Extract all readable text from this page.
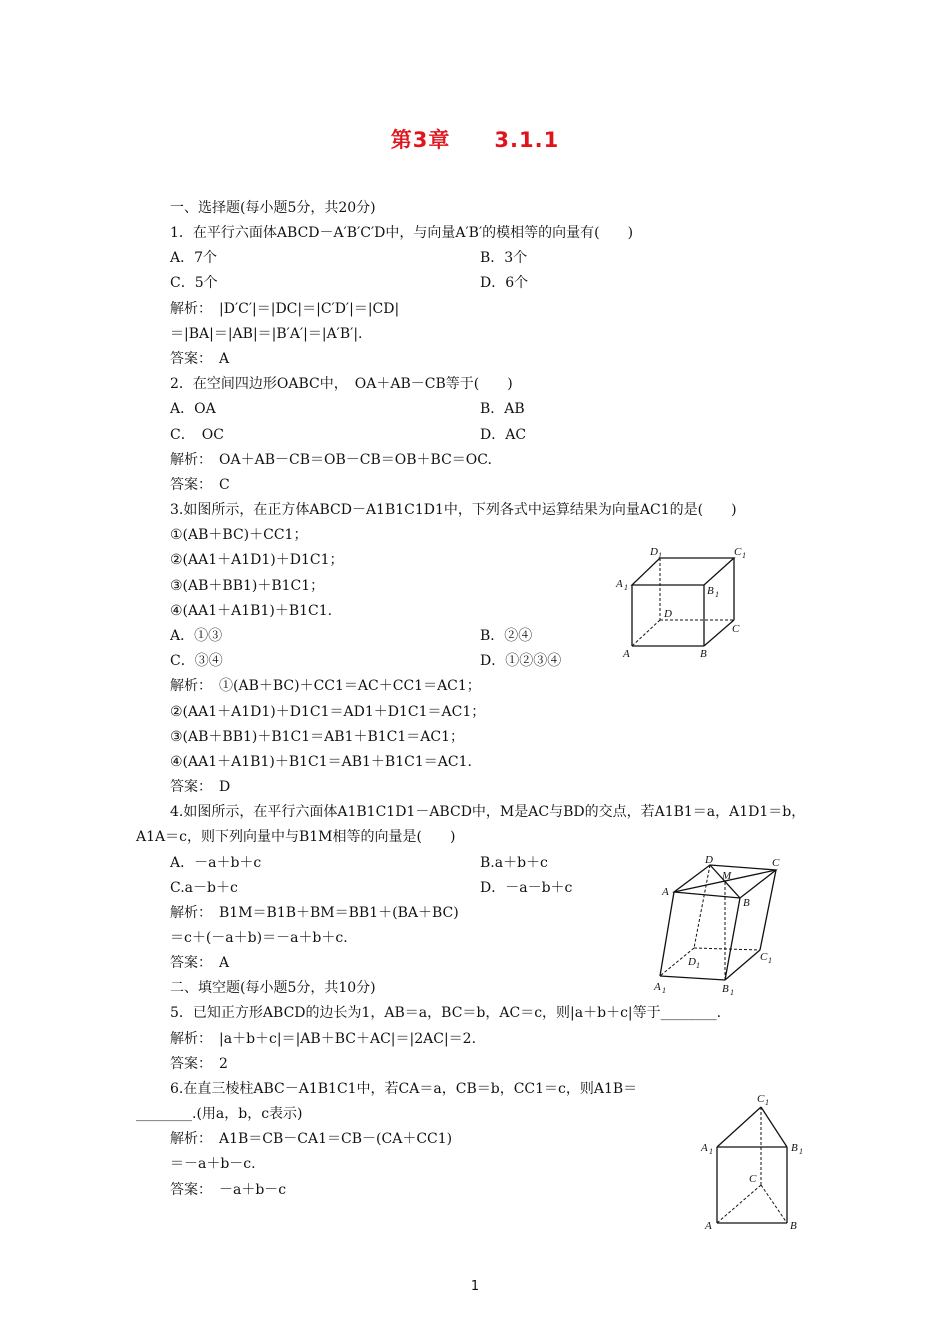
第3章　　3.1.1
一、选择题(每小题5分，共20分)
1．在平行六面体ABCD－A′B′C′D中，与向量A′B′的模相等的向量有(　　)
A．7个	B．3个
C．5个	D．6个
解析：　|D′C′|＝|DC|＝|C′D′|＝|CD|
＝|BA|＝|AB|＝|B′A′|＝|A′B′|.
答案：　A
2．在空间四边形OABC中，　OA＋AB－CB等于(　　)
A．OA	B．AB
C．　OC	D．AC
解析：　OA＋AB－CB＝OB－CB＝OB＋BC＝OC.
答案：　C
3.如图所示，在正方体ABCD－A1B1C1D1中，下列各式中运算结果为向量AC1的是(　　)
①(AB＋BC)＋CC1；
②(AA1＋A1D1)＋D1C1；
③(AB＋BB1)＋B1C1；
④(AA1＋A1B1)＋B1C1.
A．①③	B．②④
C．③④	D．①②③④
解析：　①(AB＋BC)＋CC1＝AC＋CC1＝AC1；
②(AA1＋A1D1)＋D1C1＝AD1＋D1C1＝AC1；
③(AB＋BB1)＋B1C1＝AB1＋B1C1＝AC1；
④(AA1＋A1B1)＋B1C1＝AB1＋B1C1＝AC1.
答案：　D
4.如图所示，在平行六面体A1B1C1D1－ABCD中，M是AC与BD的交点，若A1B1＝a，A1D1＝b，
A1A＝c，则下列向量中与B1M相等的向量是(　　)
A．－a＋b＋c	B.a＋b＋c
C.a－b＋c	D．－a－b＋c
解析：　B1M＝B1B＋BM＝BB1＋(BA＋BC)
＝c＋(－a＋b)＝－a＋b＋c.
答案：　A
二、填空题(每小题5分，共10分)
5．已知正方形ABCD的边长为1，AB＝a，BC＝b，AC＝c，则|a＋b＋c|等于________.
解析：　|a＋b＋c|＝|AB＋BC＋AC|＝|2AC|＝2.
答案：　2
6.在直三棱柱ABC－A1B1C1中，若CA＝a，CB＝b，CC1＝c，则A1B＝
________.(用a，b，c表示)
解析：　A1B＝CB－CA1＝CB－(CA＋CC1)
＝－a＋b－c.
答案：　－a＋b－c
D 1	C 1
A 1	B 1
D
C
A	B
D
M
C
A
B
D 1
C 1
A 1	B 1
C 1
A 1	B 1
C
A	B
1
